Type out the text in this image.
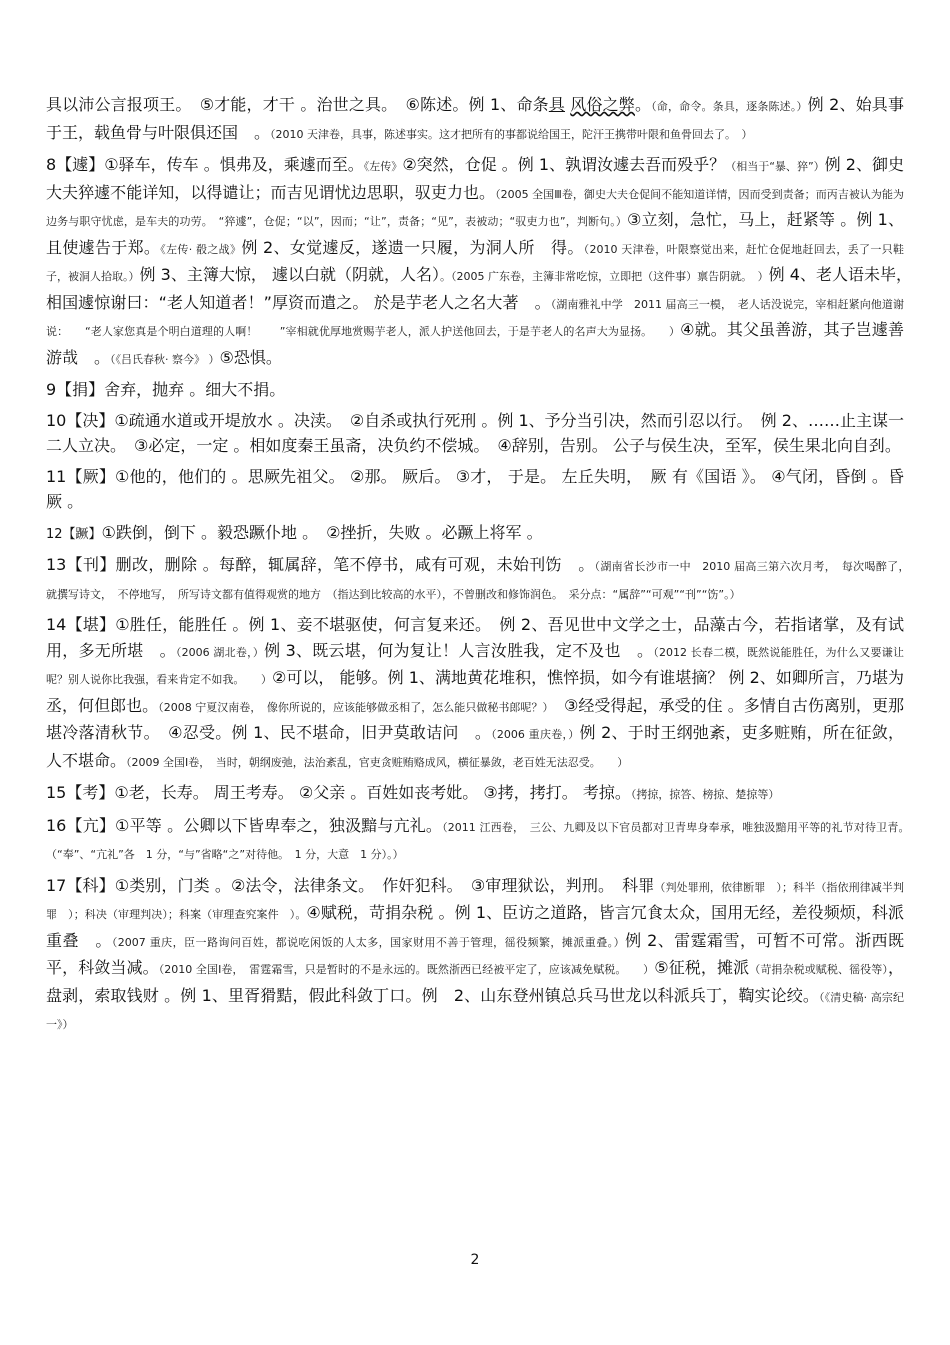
具以沛公言报项王。　⑤才能，才干 。治世之具。　⑥陈述。例 1、命条具 风俗之弊。（命，命令。条具，逐条陈述。）例 2、始具事于王，载鱼骨与叶限俱还国　。（2010 天津卷，具事，陈述事实。这才把所有的事都说给国王，陀汗王携带叶限和鱼骨回去了。　）

8【遽】①驿车，传车 。惧弗及，乘遽而至。《左传》②突然，仓促 。例 1、孰谓汝遽去吾而殁乎？（相当于“暴、猝”）例 2、御史大夫猝遽不能详知，以得谴让；而吉见谓忧边思职，驭吏力也。（2005 全国Ⅲ卷，御史大夫仓促间不能知道详情，因而受到责备；而丙吉被认为能为边务与职守忧虑，是车夫的功劳。　“猝遽”，仓促；“以”，因而；“让”，责备；“见”，表被动；“驭吏力也”，判断句。）③立刻，急忙，马上，赶紧等 。例 1、且使遽告于郑。《左传· 殽之战》例 2、女觉遽反，遂遗一只履，为洞人所　得。（2010 天津卷，叶限察觉出来，赶忙仓促地赶回去，丢了一只鞋子，被洞人拾取。）例 3、主簿大惊， 遽以白就（阴就，人名）。（2005 广东卷，主簿非常吃惊，立即把（这件事）禀告阴就。　）例 4、老人语未毕，　相国遽惊谢曰：“老人知道者！”厚资而遣之。 於是芋老人之名大著　。（湖南雅礼中学　2011 届高三一模，　老人话没说完，宰相赶紧向他道谢说：　　“老人家您真是个明白道理的人啊！　　”宰相就优厚地赏赐芋老人，派人护送他回去，于是芋老人的名声大为显扬。　　）④就。其父虽善游，其子岂遽善游哉　。（《吕氏春秋· 察今》 ）⑤恐惧。

9【捐】舍弃，抛弃 。细大不捐。

10【决】①疏通水道或开堤放水 。决渎。　②自杀或执行死刑 。例 1、予分当引决，然而引忍以行。　例 2、……止主谋一二人立决。　③必定，一定 。相如度秦王虽斋，决负约不偿城。　④辞别，告别。 公子与侯生决，至军，侯生果北向自刭。

11【厥】①他的，他们的 。思厥先祖父。 ②那。 厥后。 ③才， 于是。 左丘失明，　厥 有《国语 》。 ④气闭，昏倒 。昏厥 。

12【蹶】①跌倒，倒下 。毅恐蹶仆地 。　②挫折，失败 。必蹶上将军 。

13【刊】删改，删除 。每醉，辄属辞，笔不停书，咸有可观，未始刊饬　。（湖南省长沙市一中　2010 届高三第六次月考，　每次喝醉了，　就撰写诗文，　不停地写，　所写诗文都有值得观赏的地方　（指达到比较高的水平），不曾删改和修饰润色。　采分点：“属辞”“可观”“刊”“饬”。）

14【堪】①胜任，能胜任 。例 1、妾不堪驱使，何言复来还。　例 2、吾见世中文学之士，品藻古今，若指诸掌，及有试用，多无所堪　。（2006 湖北卷，）例 3、既云堪，何为复让！人言汝胜我，定不及也　。（2012 长春二模，既然说能胜任，为什么又要谦让呢？别人说你比我强，看来肯定不如我。　　）②可以， 能够。例 1、满地黄花堆积，憔悴损，如今有谁堪摘？ 例 2、如卿所言，乃堪为丞，何但郎也。（2008 宁夏汉南卷，　像你所说的，应该能够做丞相了，怎么能只做秘书郎呢？）　③经受得起，承受的住 。多情自古伤离别，更那堪冷落清秋节。　④忍受。例 1、民不堪命，旧尹莫敢诘问　。（2006 重庆卷，）例 2、于时王纲弛紊，吏多赃贿，所在征敛，人不堪命。（2009 全国Ⅰ卷，　当时，朝纲废弛，法治紊乱，官吏贪赃贿赂成风，横征暴敛，老百姓无法忍受。　　）

15【考】①老，长寿。 周王考寿。 ②父亲 。百姓如丧考妣。 ③拷，拷打。 考掠。（拷掠，掠答、榜掠、楚掠等）

16【亢】①平等 。公卿以下皆卑奉之，独汲黯与亢礼。（2011 江西卷，　三公、九卿及以下官员都对卫青卑身奉承，唯独汲黯用平等的礼节对待卫青。　（“奉”、“亢礼”各　1 分，“与”省略“之”对待他。　1 分，大意　1 分）。）

17【科】①类别，门类 。②法令，法律条文。　作奸犯科。　③审理狱讼，判刑。　科罪（判处罪刑，依律断罪　）；科半（指依刑律减半判罪　）；科决（审理判决）；科案（审理查究案件　）。④赋税，苛捐杂税 。例 1、臣访之道路，皆言冗食太众，国用无经，差役频烦，科派重叠　。（2007 重庆，臣一路询问百姓，都说吃闲饭的人太多，国家财用不善于管理，徭役频繁，摊派重叠。）例 2、雷霆霜雪，可暂不可常。浙西既平，科敛当减。（2010 全国Ⅰ卷，　雷霆霜雪，只是暂时的不是永远的。既然浙西已经被平定了，应该减免赋税。　　）⑤征税，摊派（苛捐杂税或赋税、徭役等），盘剥，索取钱财 。例 1、里胥猾黠，假此科敛丁口。例　2、山东登州镇总兵马世龙以科派兵丁，鞫实论绞。（《清史稿· 高宗纪一》）

2
